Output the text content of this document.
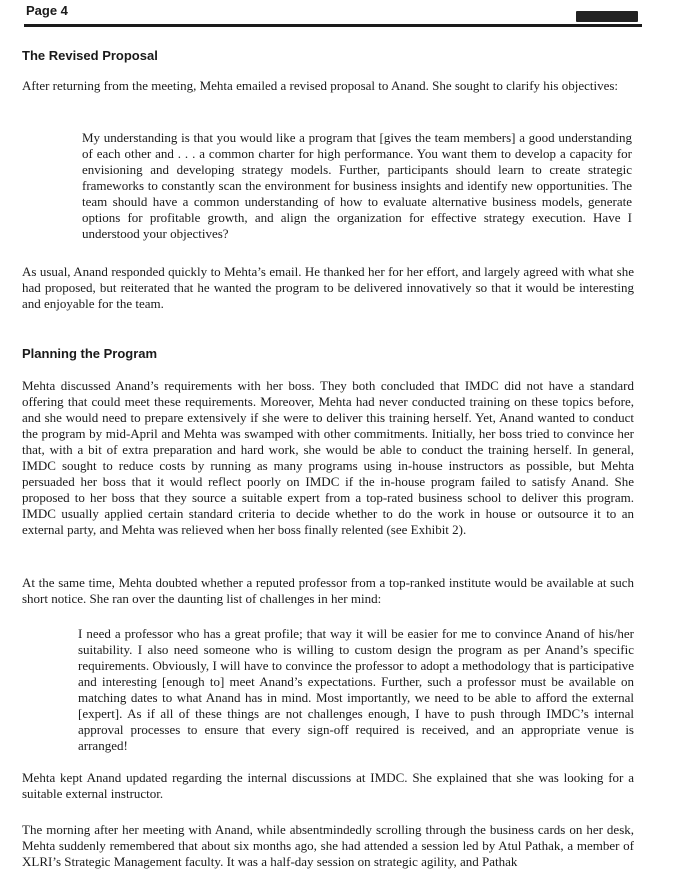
Page 4
The Revised Proposal

After returning from the meeting, Mehta emailed a revised proposal to Anand. She sought to clarify his objectives:

My understanding is that you would like a program that [gives the team members] a good understanding of each other and . . . a common charter for high performance. You want them to develop a capacity for envisioning and developing strategy models. Further, participants should learn to create strategic frameworks to constantly scan the environment for business insights and identify new opportunities. The team should have a common understanding of how to evaluate alternative business models, generate options for profitable growth, and align the organization for effective strategy execution. Have I understood your objectives?

As usual, Anand responded quickly to Mehta’s email. He thanked her for her effort, and largely agreed with what she had proposed, but reiterated that he wanted the program to be delivered innovatively so that it would be interesting and enjoyable for the team.

Planning the Program

Mehta discussed Anand’s requirements with her boss. They both concluded that IMDC did not have a standard offering that could meet these requirements. Moreover, Mehta had never conducted training on these topics before, and she would need to prepare extensively if she were to deliver this training herself. Yet, Anand wanted to conduct the program by mid-April and Mehta was swamped with other commitments. Initially, her boss tried to convince her that, with a bit of extra preparation and hard work, she would be able to conduct the training herself. In general, IMDC sought to reduce costs by running as many programs using in-house instructors as possible, but Mehta persuaded her boss that it would reflect poorly on IMDC if the in-house program failed to satisfy Anand. She proposed to her boss that they source a suitable expert from a top-rated business school to deliver this program. IMDC usually applied certain standard criteria to decide whether to do the work in house or outsource it to an external party, and Mehta was relieved when her boss finally relented (see Exhibit 2).

At the same time, Mehta doubted whether a reputed professor from a top-ranked institute would be available at such short notice. She ran over the daunting list of challenges in her mind:

I need a professor who has a great profile; that way it will be easier for me to convince Anand of his/her suitability. I also need someone who is willing to custom design the program as per Anand’s specific requirements. Obviously, I will have to convince the professor to adopt a methodology that is participative and interesting [enough to] meet Anand’s expectations. Further, such a professor must be available on matching dates to what Anand has in mind. Most importantly, we need to be able to afford the external [expert]. As if all of these things are not challenges enough, I have to push through IMDC’s internal approval processes to ensure that every sign-off required is received, and an appropriate venue is arranged!

Mehta kept Anand updated regarding the internal discussions at IMDC. She explained that she was looking for a suitable external instructor.

The morning after her meeting with Anand, while absentmindedly scrolling through the business cards on her desk, Mehta suddenly remembered that about six months ago, she had attended a session led by Atul Pathak, a member of XLRI’s Strategic Management faculty. It was a half-day session on strategic agility, and Pathak
